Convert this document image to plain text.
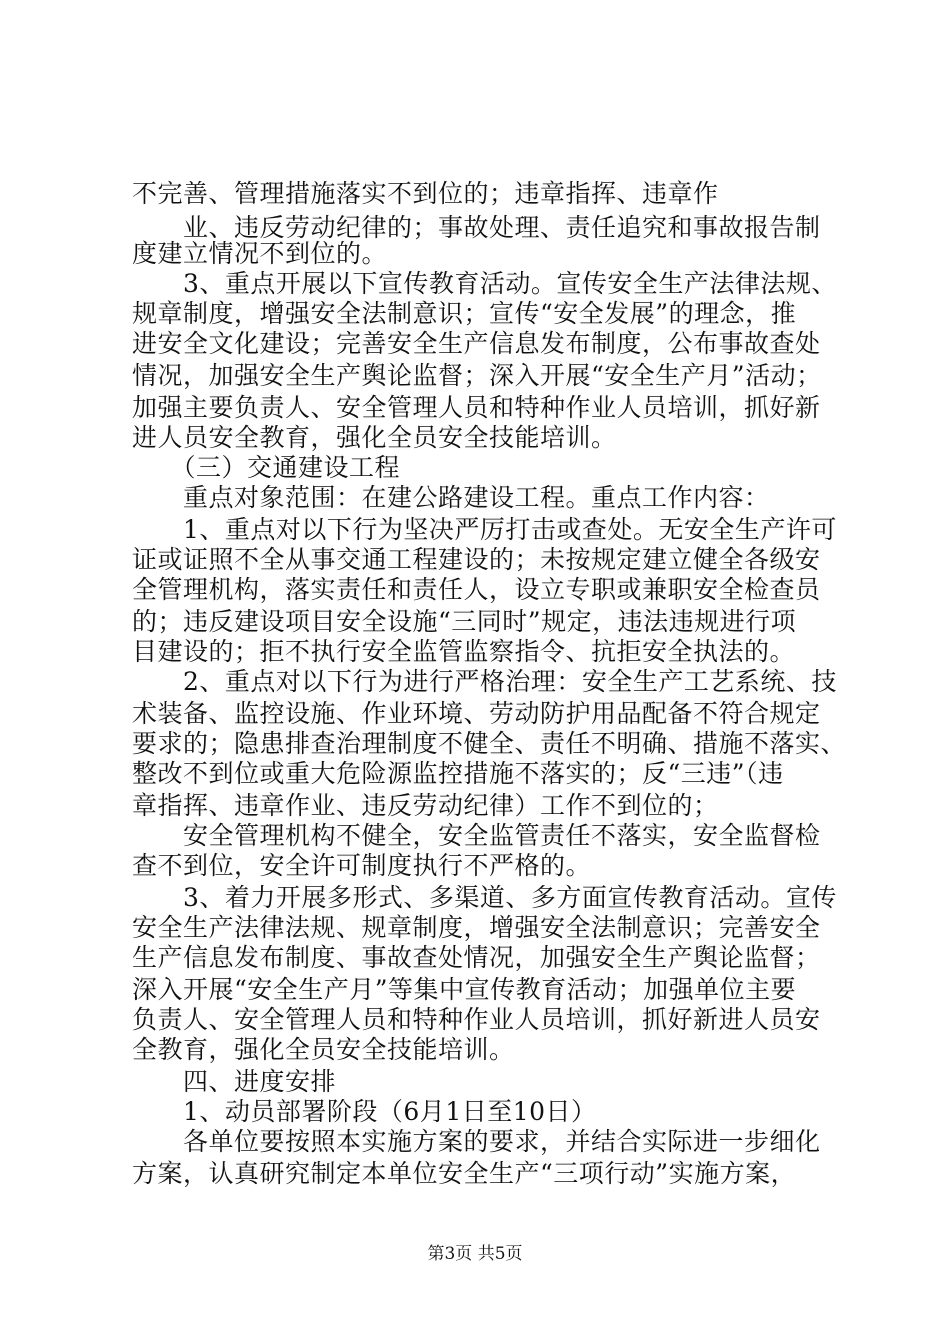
不完善、管理措施落实不到位的；违章指挥、违章作
　　业、违反劳动纪律的；事故处理、责任追究和事故报告制
度建立情况不到位的。
　　3、重点开展以下宣传教育活动。宣传安全生产法律法规、
规章制度，增强安全法制意识；宣传“安全发展”的理念，推
进安全文化建设；完善安全生产信息发布制度，公布事故查处
情况，加强安全生产舆论监督；深入开展“安全生产月”活动；
加强主要负责人、安全管理人员和特种作业人员培训，抓好新
进人员安全教育，强化全员安全技能培训。
　　（三）交通建设工程
　　重点对象范围：在建公路建设工程。重点工作内容：
　　1、重点对以下行为坚决严厉打击或查处。无安全生产许可
证或证照不全从事交通工程建设的；未按规定建立健全各级安
全管理机构，落实责任和责任人，设立专职或兼职安全检查员
的；违反建设项目安全设施“三同时”规定，违法违规进行项
目建设的；拒不执行安全监管监察指令、抗拒安全执法的。
　　2、重点对以下行为进行严格治理：安全生产工艺系统、技
术装备、监控设施、作业环境、劳动防护用品配备不符合规定
要求的；隐患排查治理制度不健全、责任不明确、措施不落实、
整改不到位或重大危险源监控措施不落实的；反“三违”（违
章指挥、违章作业、违反劳动纪律）工作不到位的；
　　安全管理机构不健全，安全监管责任不落实，安全监督检
查不到位，安全许可制度执行不严格的。
　　3、着力开展多形式、多渠道、多方面宣传教育活动。宣传
安全生产法律法规、规章制度，增强安全法制意识；完善安全
生产信息发布制度、事故查处情况，加强安全生产舆论监督；
深入开展“安全生产月”等集中宣传教育活动；加强单位主要
负责人、安全管理人员和特种作业人员培训，抓好新进人员安
全教育，强化全员安全技能培训。
　　四、进度安排
　　1、动员部署阶段（6月1日至10日）
　　各单位要按照本实施方案的要求，并结合实际进一步细化
方案，认真研究制定本单位安全生产“三项行动”实施方案，
第3页 共5页
